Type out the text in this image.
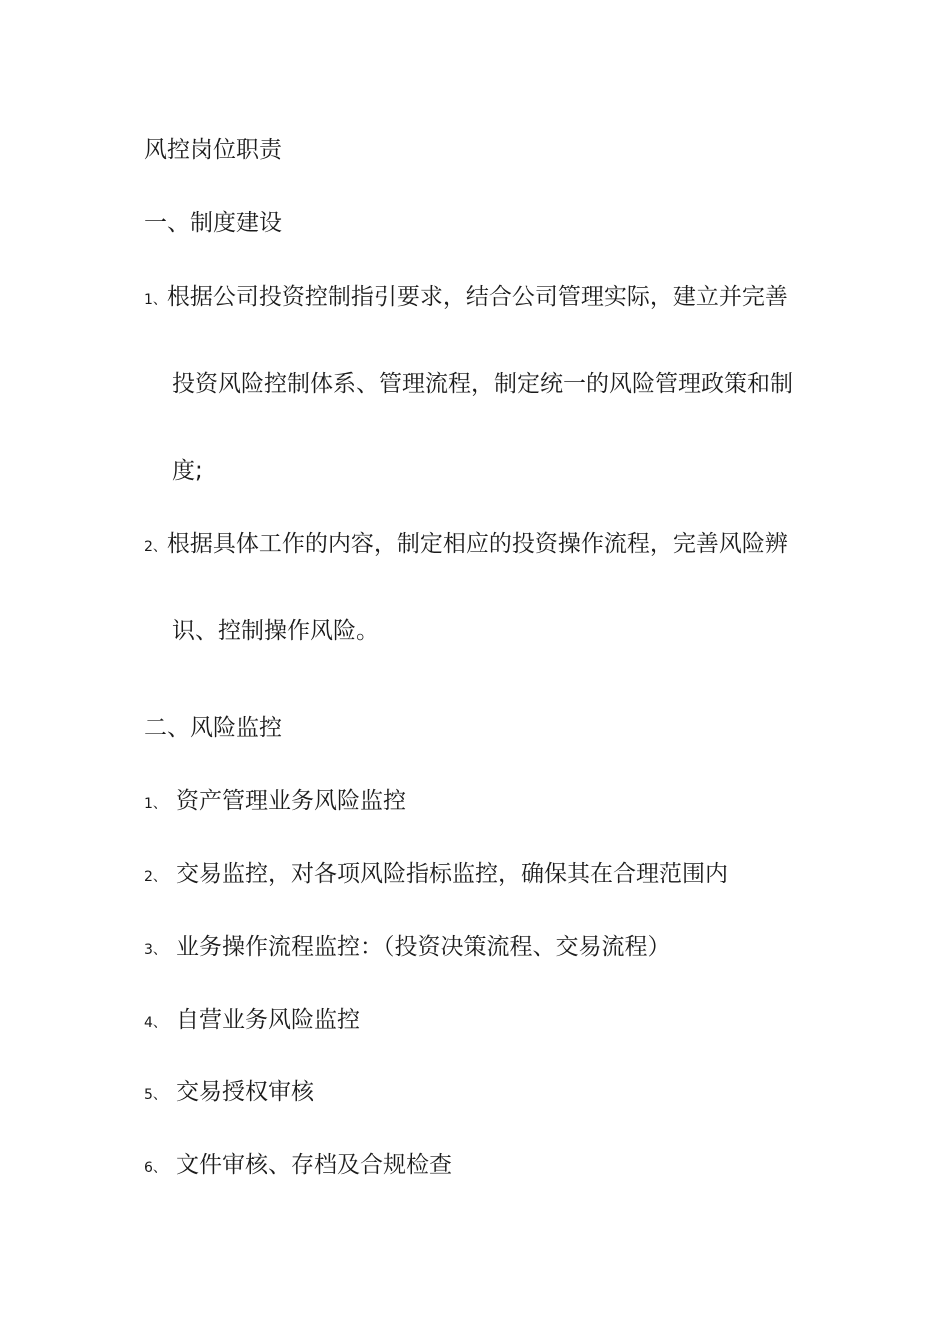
风控岗位职责
一、制度建设
1、根据公司投资控制指引要求，结合公司管理实际，建立并完善
投资风险控制体系、管理流程，制定统一的风险管理政策和制
度;
2、根据具体工作的内容，制定相应的投资操作流程，完善风险辨
识、控制操作风险。
二、风险监控
1、 资产管理业务风险监控
2、 交易监控，对各项风险指标监控，确保其在合理范围内
3、 业务操作流程监控：（投资决策流程、交易流程）
4、 自营业务风险监控
5、 交易授权审核
6、 文件审核、存档及合规检查
